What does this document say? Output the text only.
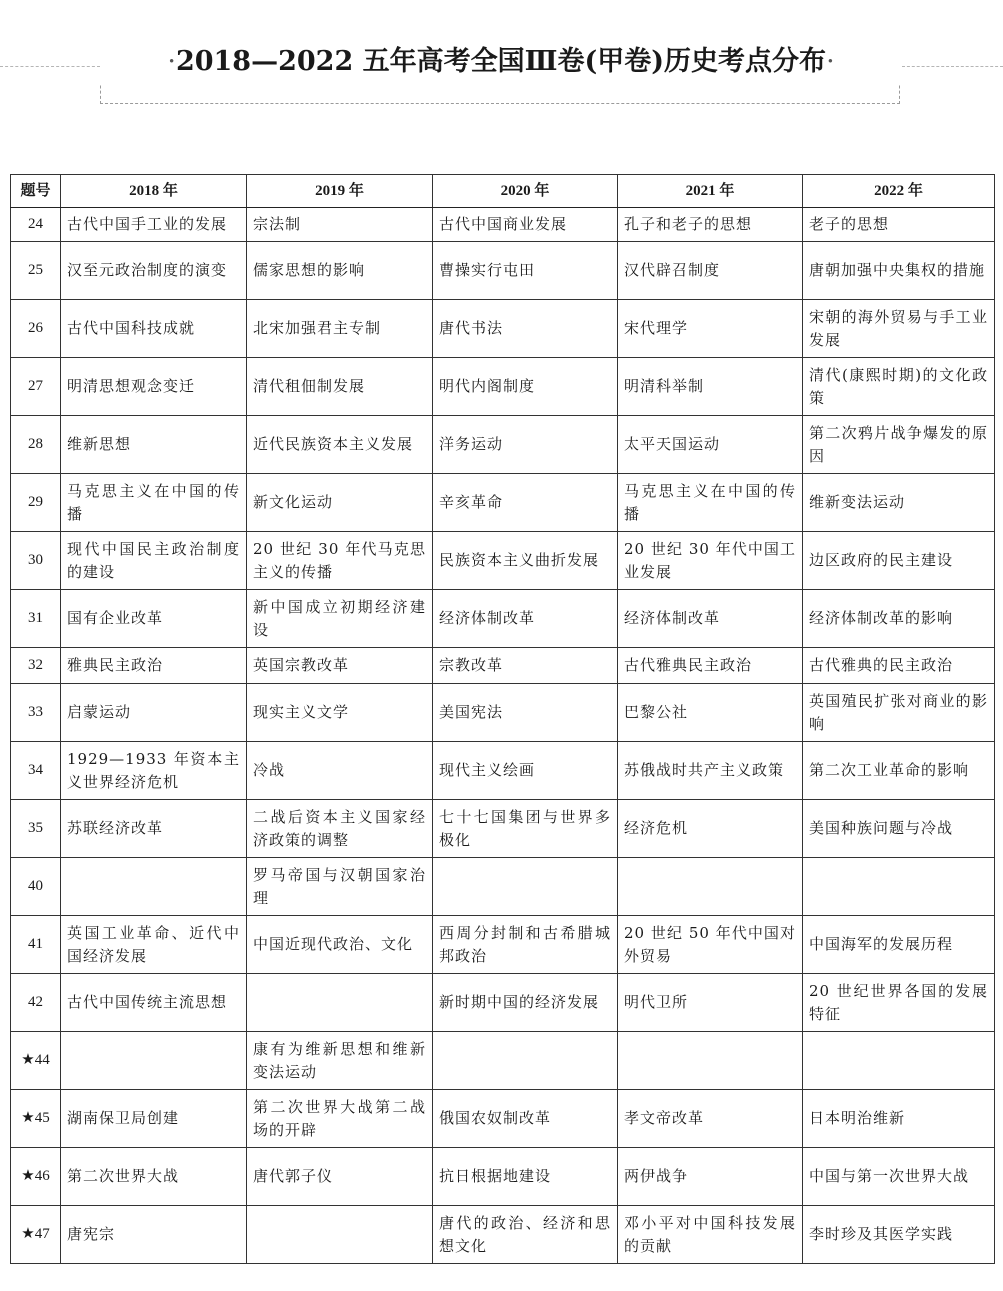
·2018—2022 五年高考全国Ⅲ卷(甲卷)历史考点分布·
题号	2018 年	2019 年	2020 年	2021 年	2022 年
24	古代中国手工业的发展	宗法制	古代中国商业发展	孔子和老子的思想	老子的思想
25	汉至元政治制度的演变	儒家思想的影响	曹操实行屯田	汉代辟召制度	唐朝加强中央集权的措施
26	古代中国科技成就	北宋加强君主专制	唐代书法	宋代理学	宋朝的海外贸易与手工业发展
27	明清思想观念变迁	清代租佃制发展	明代内阁制度	明清科举制	清代(康熙时期)的文化政策
28	维新思想	近代民族资本主义发展	洋务运动	太平天国运动	第二次鸦片战争爆发的原因
29	马克思主义在中国的传播	新文化运动	辛亥革命	马克思主义在中国的传播	维新变法运动
30	现代中国民主政治制度的建设	20 世纪 30 年代马克思主义的传播	民族资本主义曲折发展	20 世纪 30 年代中国工业发展	边区政府的民主建设
31	国有企业改革	新中国成立初期经济建设	经济体制改革	经济体制改革	经济体制改革的影响
32	雅典民主政治	英国宗教改革	宗教改革	古代雅典民主政治	古代雅典的民主政治
33	启蒙运动	现实主义文学	美国宪法	巴黎公社	英国殖民扩张对商业的影响
34	1929—1933 年资本主义世界经济危机	冷战	现代主义绘画	苏俄战时共产主义政策	第二次工业革命的影响
35	苏联经济改革	二战后资本主义国家经济政策的调整	七十七国集团与世界多极化	经济危机	美国种族问题与冷战
40		罗马帝国与汉朝国家治理			
41	英国工业革命、近代中国经济发展	中国近现代政治、文化	西周分封制和古希腊城邦政治	20 世纪 50 年代中国对外贸易	中国海军的发展历程
42	古代中国传统主流思想		新时期中国的经济发展	明代卫所	20 世纪世界各国的发展特征
★44		康有为维新思想和维新变法运动			
★45	湖南保卫局创建	第二次世界大战第二战场的开辟	俄国农奴制改革	孝文帝改革	日本明治维新
★46	第二次世界大战	唐代郭子仪	抗日根据地建设	两伊战争	中国与第一次世界大战
★47	唐宪宗		唐代的政治、经济和思想文化	邓小平对中国科技发展的贡献	李时珍及其医学实践
